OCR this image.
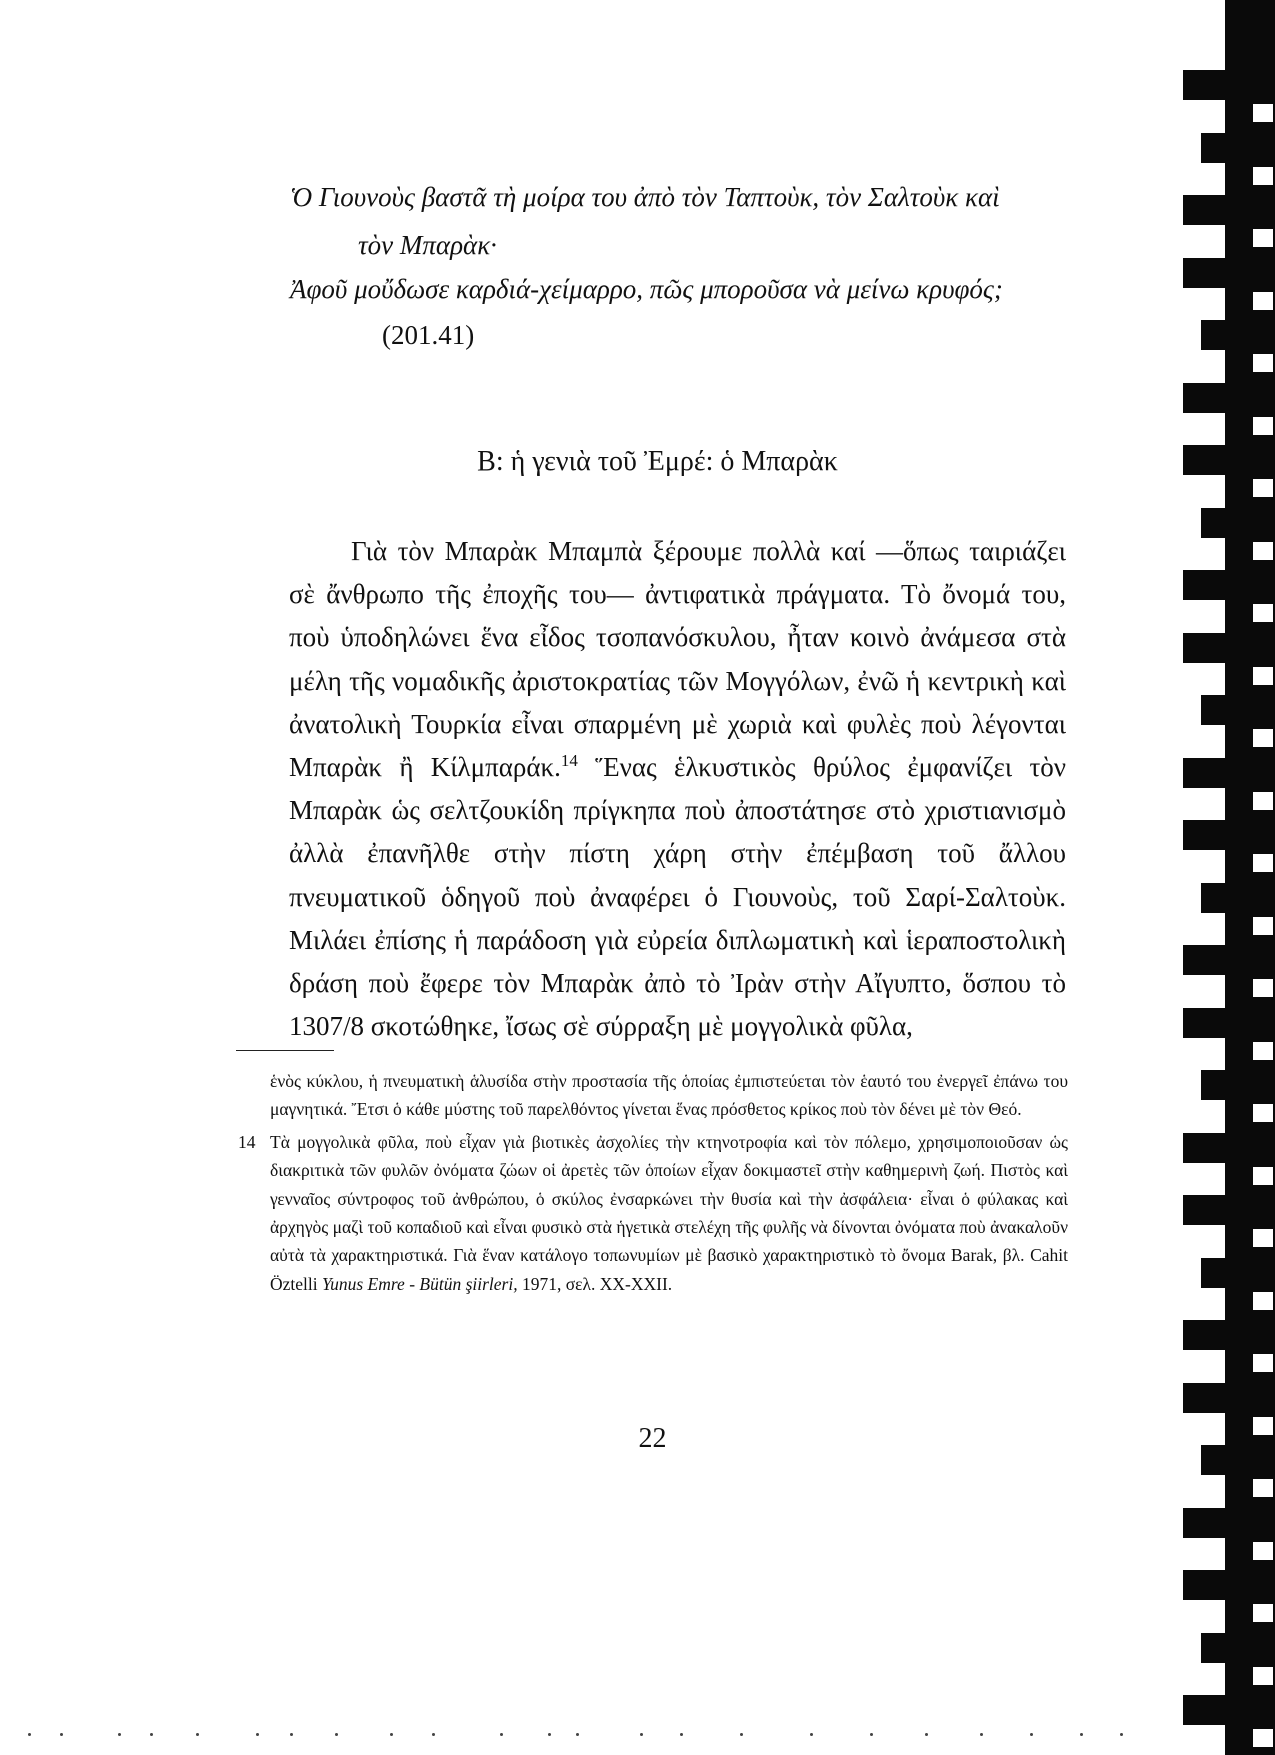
Ὁ Γιουνοὺς βαστᾶ τὴ μοίρα του ἀπὸ τὸν Ταπτοὺκ, τὸν Σαλτοὺκ καὶ
τὸν Μπαρὰκ·
Ἀφοῦ μοὔδωσε καρδιά-χείμαρρο, πῶς μποροῦσα νὰ μείνω κρυφός;
(201.41)
Β: ἡ γενιὰ τοῦ Ἐμρέ: ὁ Μπαρὰκ

Γιὰ τὸν Μπαρὰκ Μπαμπὰ ξέρουμε πολλὰ καί —ὅπως ταιριάζει σὲ ἄνθρωπο τῆς ἐποχῆς του— ἀντιφατικὰ πράγματα. Τὸ ὄνομά του, ποὺ ὑποδηλώνει ἕνα εἶδος τσοπανόσκυλου, ἦταν κοινὸ ἀνάμεσα στὰ μέλη τῆς νομαδικῆς ἀριστοκρατίας τῶν Μογγόλων, ἐνῶ ἡ κεντρικὴ καὶ ἀνατολικὴ Τουρκία εἶναι σπαρμένη μὲ χωριὰ καὶ φυλὲς ποὺ λέγονται Μπαρὰκ ἢ Κίλμπαράκ.$^{14}$ Ἕνας ἑλκυστικὸς θρύλος ἐμφανίζει τὸν Μπαρὰκ ὡς σελτζουκίδη πρίγκηπα ποὺ ἀποστάτησε στὸ χριστιανισμὸ ἀλλὰ ἐπανῆλθε στὴν πίστη χάρη στὴν ἐπέμβαση τοῦ ἄλλου πνευματικοῦ ὁδηγοῦ ποὺ ἀναφέρει ὁ Γιουνοὺς, τοῦ Σαρί-Σαλτοὺκ. Μιλάει ἐπίσης ἡ παράδοση γιὰ εὐρεία διπλωματικὴ καὶ ἱεραποστολικὴ δράση ποὺ ἔφερε τὸν Μπαρὰκ ἀπὸ τὸ Ἰρὰν στὴν Αἴγυπτο, ὅσπου τὸ 1307/8 σκοτώθηκε, ἴσως σὲ σύρραξη μὲ μογγολικὰ φῦλα,

ἑνὸς κύκλου, ἡ πνευματικὴ ἁλυσίδα στὴν προστασία τῆς ὁποίας ἐμπιστεύεται τὸν ἑαυτό του ἐνεργεῖ ἐπάνω του μαγνητικά. Ἔτσι ὁ κάθε μύστης τοῦ παρελθόντος γίνεται ἕνας πρόσθετος κρίκος ποὺ τὸν δένει μὲ τὸν Θεό.

14 Τὰ μογγολικὰ φῦλα, ποὺ εἶχαν γιὰ βιοτικὲς ἀσχολίες τὴν κτηνοτροφία καὶ τὸν πόλεμο, χρησιμοποιοῦσαν ὡς διακριτικὰ τῶν φυλῶν ὀνόματα ζώων οἱ ἀρετὲς τῶν ὁποίων εἶχαν δοκιμαστεῖ στὴν καθημερινὴ ζωή. Πιστὸς καὶ γενναῖος σύντροφος τοῦ ἀνθρώπου, ὁ σκύλος ἐνσαρκώνει τὴν θυσία καὶ τὴν ἀσφάλεια· εἶναι ὁ φύλακας καὶ ἀρχηγὸς μαζὶ τοῦ κοπαδιοῦ καὶ εἶναι φυσικὸ στὰ ἡγετικὰ στελέχη τῆς φυλῆς νὰ δίνονται ὀνόματα ποὺ ἀνακαλοῦν αὐτὰ τὰ χαρακτηριστικά. Γιὰ ἕναν κατάλογο τοπωνυμίων μὲ βασικὸ χαρακτηριστικὸ τὸ ὄνομα Barak, βλ. Cahit Öztelli Yunus Emre - Bütün şiirleri, 1971, σελ. XX-XXII.
22
